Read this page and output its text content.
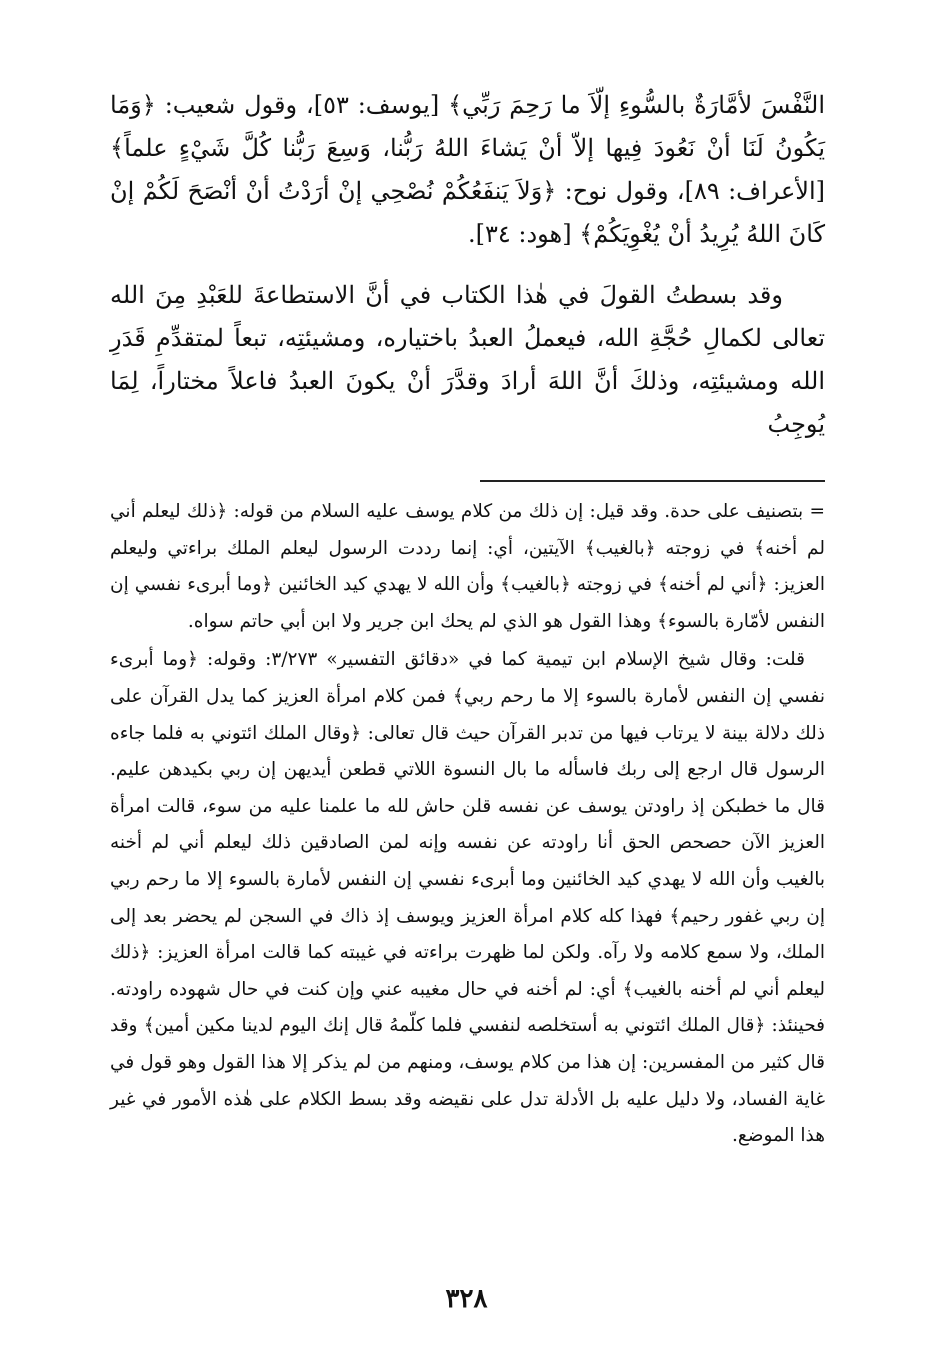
النَّفْسَ لأمَّارَةٌ بالسُّوءِ إلّاَ ما رَحِمَ رَبِّي﴾ [يوسف: ٥٣]، وقول شعيب: ﴿وَمَا يَكُونُ لَنَا أنْ نَعُودَ فِيها إلاّ أنْ يَشاءَ اللهُ رَبُّنا، وَسِعَ رَبُّنا كُلَّ شَيْءٍ علماً﴾ [الأعراف: ٨٩]، وقول نوح: ﴿وَلاَ يَنفَعُكُمْ نُصْحِي إنْ أرَدْتُ أنْ أنْصَحَ لَكُمْ إنْ كَانَ اللهُ يُرِيدُ أنْ يُغْوِيَكُمْ﴾ [هود: ٣٤].

وقد بسطتُ القولَ في هٰذا الكتاب في أنَّ الاستطاعةَ للعَبْدِ مِنَ الله تعالى لكمالِ حُجَّةِ الله، فيعملُ العبدُ باختياره، ومشيئتِه، تبعاً لمتقدِّمِ قَدَرِ الله ومشيئتِه، وذلكَ أنَّ اللهَ أرادَ وقدَّرَ أنْ يكونَ العبدُ فاعلاً مختاراً، لِمَا يُوجِبُ

= بتصنيف على حدة. وقد قيل: إن ذلك من كلام يوسف عليه السلام من قوله: ﴿ذلك ليعلم أني لم أخنه﴾ في زوجته ﴿بالغيب﴾ الآيتين، أي: إنما رددت الرسول ليعلم الملك براءتي وليعلم العزيز: ﴿أني لم أخنه﴾ في زوجته ﴿بالغيب﴾ وأن الله لا يهدي كيد الخائنين ﴿وما أبرىء نفسي إن النفس لأمّارة بالسوء﴾ وهذا القول هو الذي لم يحك ابن جرير ولا ابن أبي حاتم سواه.

قلت: وقال شيخ الإسلام ابن تيمية كما في «دقائق التفسير» ٣/٢٧٣: وقوله: ﴿وما أبرىء نفسي إن النفس لأمارة بالسوء إلا ما رحم ربي﴾ فمن كلام امرأة العزيز كما يدل القرآن على ذلك دلالة بينة لا يرتاب فيها من تدبر القرآن حيث قال تعالى: ﴿وقال الملك ائتوني به فلما جاءه الرسول قال ارجع إلى ربك فاسأله ما بال النسوة اللاتي قطعن أيديهن إن ربي بكيدهن عليم. قال ما خطبكن إذ راودتن يوسف عن نفسه قلن حاش لله ما علمنا عليه من سوء، قالت امرأة العزيز الآن حصحص الحق أنا راودته عن نفسه وإنه لمن الصادقين ذلك ليعلم أني لم أخنه بالغيب وأن الله لا يهدي كيد الخائنين وما أبرىء نفسي إن النفس لأمارة بالسوء إلا ما رحم ربي إن ربي غفور رحيم﴾ فهذا كله كلام امرأة العزيز ويوسف إذ ذاك في السجن لم يحضر بعد إلى الملك، ولا سمع كلامه ولا رآه. ولكن لما ظهرت براءته في غيبته كما قالت امرأة العزيز: ﴿ذلك ليعلم أني لم أخنه بالغيب﴾ أي: لم أخنه في حال مغيبه عني وإن كنت في حال شهوده راودته. فحينئذ: ﴿قال الملك ائتوني به أستخلصه لنفسي فلما كلّمهُ قال إنك اليوم لدينا مكين أمين﴾ وقد قال كثير من المفسرين: إن هذا من كلام يوسف، ومنهم من لم يذكر إلا هذا القول وهو قول في غاية الفساد، ولا دليل عليه بل الأدلة تدل على نقيضه وقد بسط الكلام على هٰذه الأمور في غير هذا الموضع.

٣٢٨
